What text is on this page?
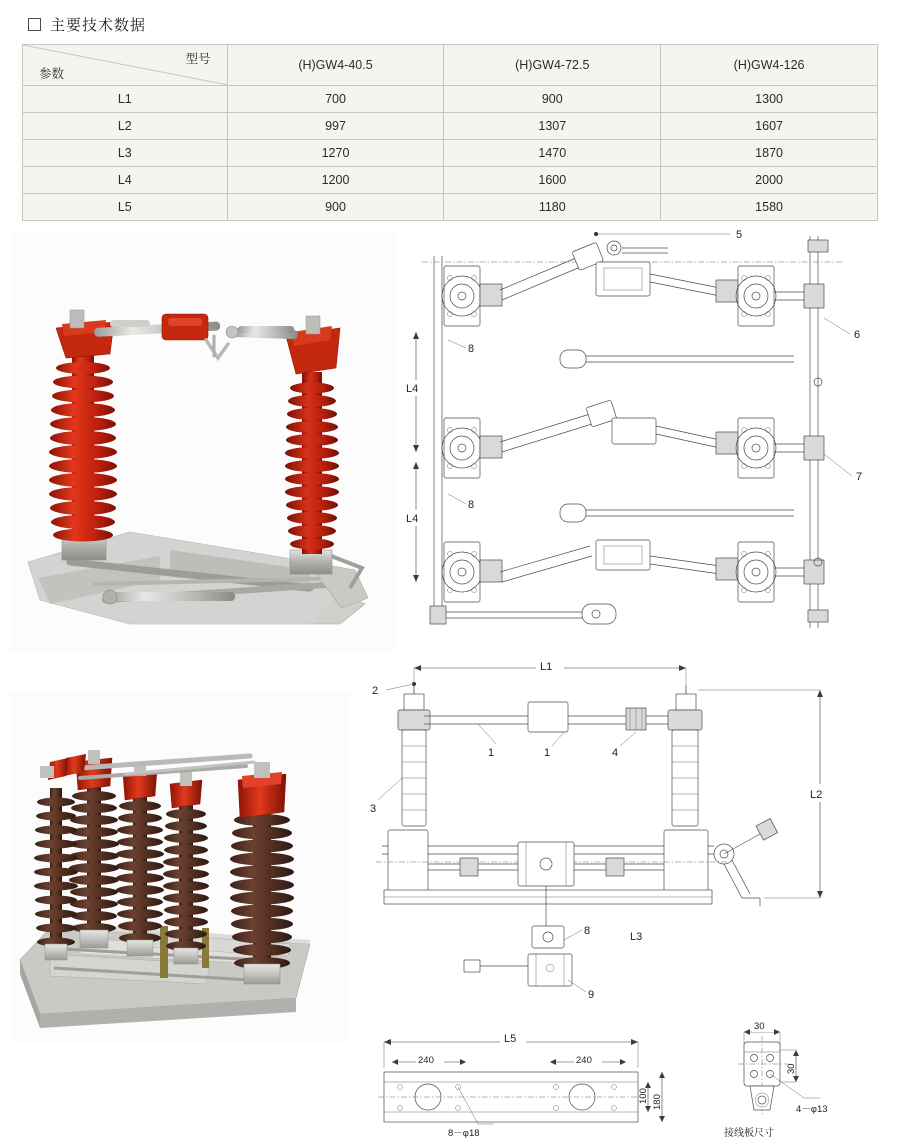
主要技术数据
型号
参数	(H)GW4-40.5	(H)GW4-72.5	(H)GW4-126
L1	700	900	1300
L2	997	1307	1607
L3	1270	1470	1870
L4	1200	1600	2000
L5	900	1180	1580
5
6
7
8
8
L4
L4
L1
2
3
1	1	4
L2
8
9
L3
L5
240	240
8－φ18
100 180
30
30
4－φ13
接线板尺寸
